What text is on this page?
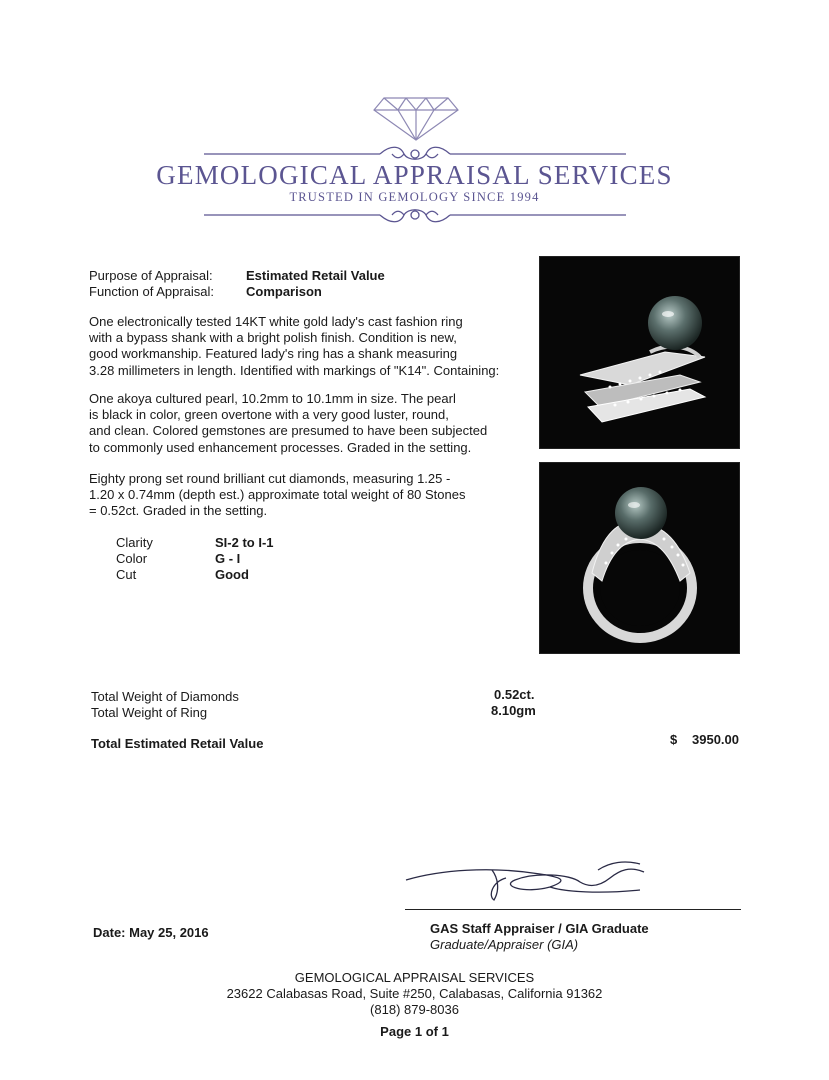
GEMOLOGICAL APPRAISAL SERVICES
TRUSTED IN GEMOLOGY SINCE 1994
Purpose of Appraisal:	Estimated Retail Value
Function of Appraisal: Comparison
One electronically tested 14KT white gold lady's cast fashion ring
with a bypass shank with a bright polish finish. Condition is new,
good workmanship. Featured lady's ring has a shank measuring
3.28 millimeters in length. Identified with markings of "K14". Containing:
One akoya cultured pearl, 10.2mm to 10.1mm in size. The pearl
is black in color, green overtone with a very good luster, round,
and clean. Colored gemstones are presumed to have been subjected
to commonly used enhancement processes. Graded in the setting.
Eighty prong set round brilliant cut diamonds, measuring 1.25 -
1.20 x 0.74mm (depth est.) approximate total weight of 80 Stones
= 0.52ct. Graded in the setting.
Clarity	SI-2 to I-1
Color	G - I
Cut	Good
Total Weight of Diamonds	0.52ct.
Total Weight of Ring	8.10gm
Total Estimated Retail Value	$ 3950.00
Date: May 25, 2016	GAS Staff Appraiser / GIA Graduate
Graduate/Appraiser (GIA)
GEMOLOGICAL APPRAISAL SERVICES
23622 Calabasas Road, Suite #250, Calabasas, California 91362
(818) 879-8036
Page 1 of 1
